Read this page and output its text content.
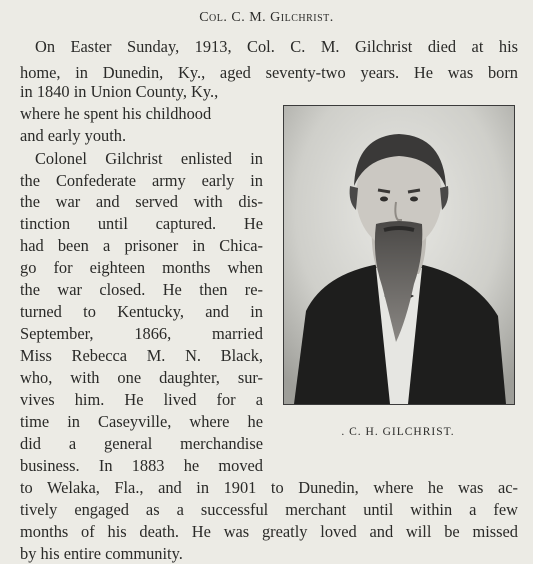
Col. C. M. Gilchrist.
On Easter Sunday, 1913, Col. C. M. Gilchrist died at his
home, in Dunedin, Ky., aged seventy-two years. He was born
in 1840 in Union County, Ky.,
where he spent his childhood
and early youth.
Colonel Gilchrist enlisted in
the Confederate army early in
the war and served with dis-
tinction until captured. He
had been a prisoner in Chica-
go for eighteen months when
the war closed. He then re-
turned to Kentucky, and in
September, 1866, married
Miss Rebecca M. N. Black,
who, with one daughter, sur-
vives him. He lived for a
time in Caseyville, where he
did a general merchandise
business. In 1883 he moved
to Welaka, Fla., and in 1901 to Dunedin, where he was ac-
tively engaged as a successful merchant until within a few
months of his death. He was greatly loved and will be missed
by his entire community.
. C. H. GILCHRIST.
